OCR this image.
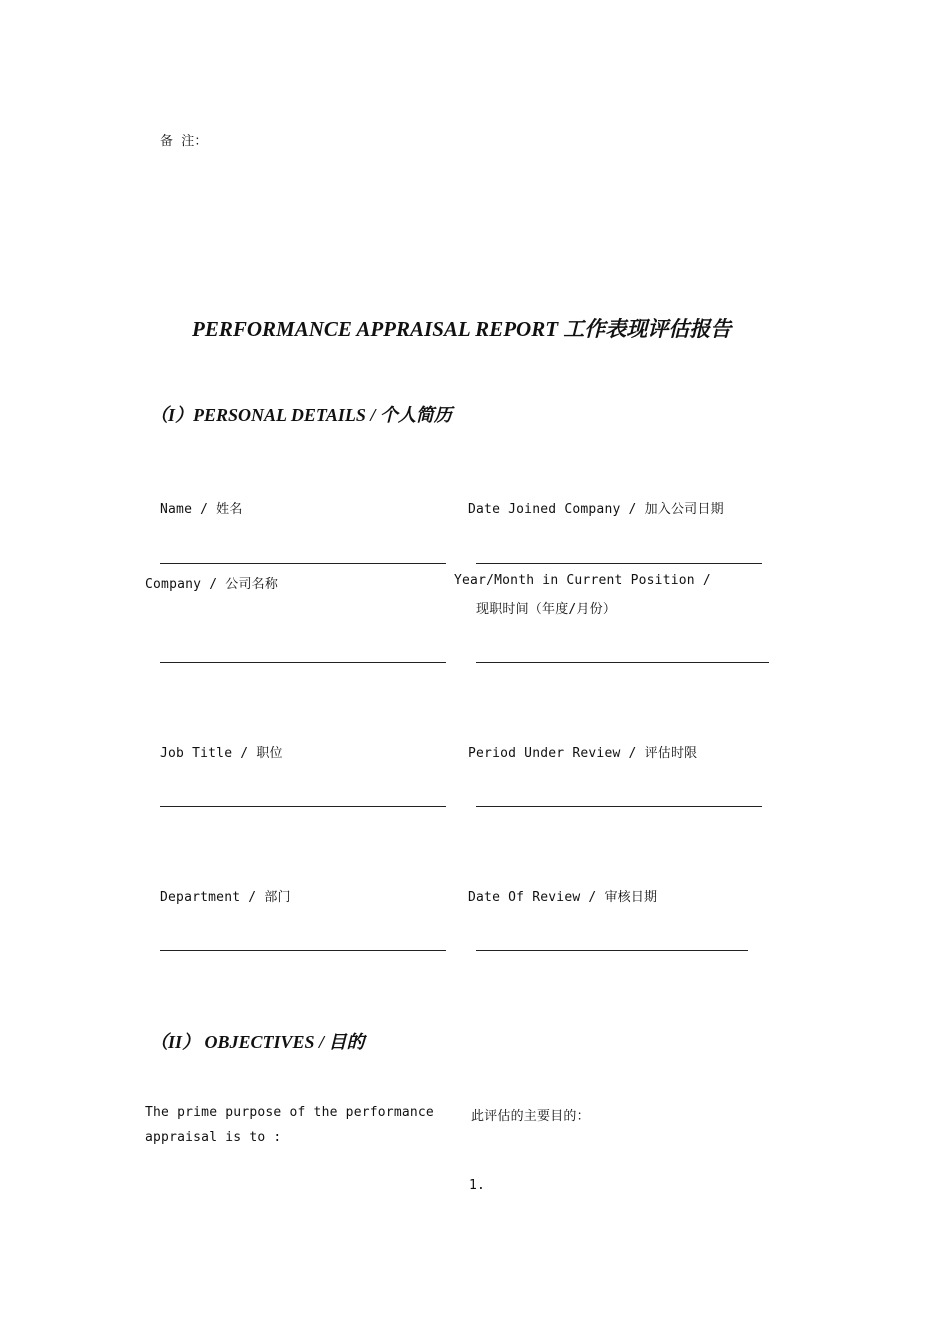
备 注：
PERFORMANCE APPRAISAL REPORT 工作表现评估报告
（I）PERSONAL DETAILS / 个人简历
Name / 姓名	Date Joined Company / 加入公司日期
Company / 公司名称	Year/Month in Current Position /
现职时间（年度/月份）
Job Title / 职位	Period Under Review / 评估时限
Department / 部门	Date Of Review / 审核日期
（II） OBJECTIVES / 目的
The prime purpose of the performance
appraisal is to :
此评估的主要目的：
1.
